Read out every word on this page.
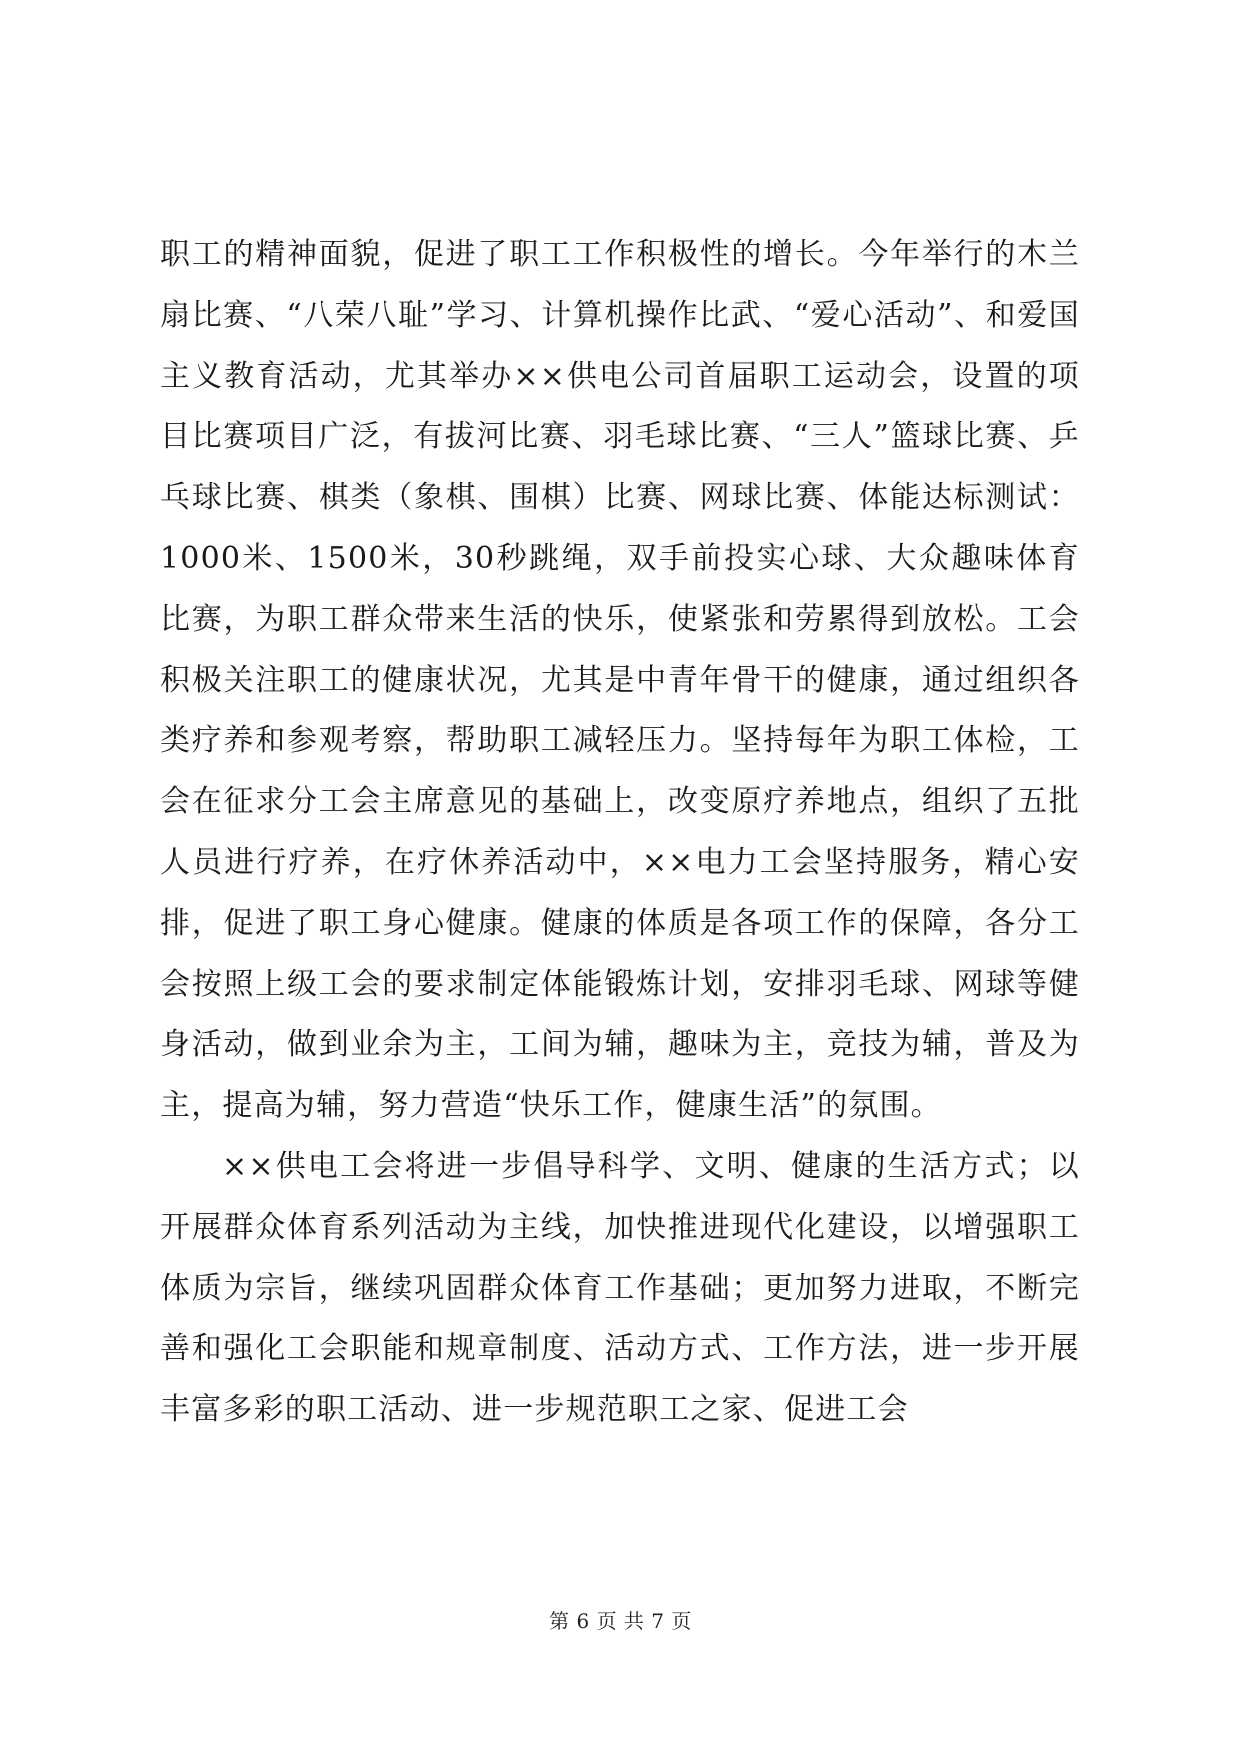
职工的精神面貌，促进了职工工作积极性的增长。今年举行的木兰扇比赛、“八荣八耻”学习、计算机操作比武、“爱心活动”、和爱国主义教育活动，尤其举办××供电公司首届职工运动会，设置的项目比赛项目广泛，有拔河比赛、羽毛球比赛、“三人”篮球比赛、乒乓球比赛、棋类（象棋、围棋）比赛、网球比赛、体能达标测试：1000米、1500米，30秒跳绳，双手前投实心球、大众趣味体育比赛，为职工群众带来生活的快乐，使紧张和劳累得到放松。工会积极关注职工的健康状况，尤其是中青年骨干的健康，通过组织各类疗养和参观考察，帮助职工减轻压力。坚持每年为职工体检，工会在征求分工会主席意见的基础上，改变原疗养地点，组织了五批人员进行疗养，在疗休养活动中，××电力工会坚持服务，精心安排，促进了职工身心健康。健康的体质是各项工作的保障，各分工会按照上级工会的要求制定体能锻炼计划，安排羽毛球、网球等健身活动，做到业余为主，工间为辅，趣味为主，竞技为辅，普及为主，提高为辅，努力营造“快乐工作，健康生活”的氛围。

××供电工会将进一步倡导科学、文明、健康的生活方式；以开展群众体育系列活动为主线，加快推进现代化建设，以增强职工体质为宗旨，继续巩固群众体育工作基础；更加努力进取，不断完善和强化工会职能和规章制度、活动方式、工作方法，进一步开展丰富多彩的职工活动、进一步规范职工之家、促进工会

第 6 页 共 7 页
